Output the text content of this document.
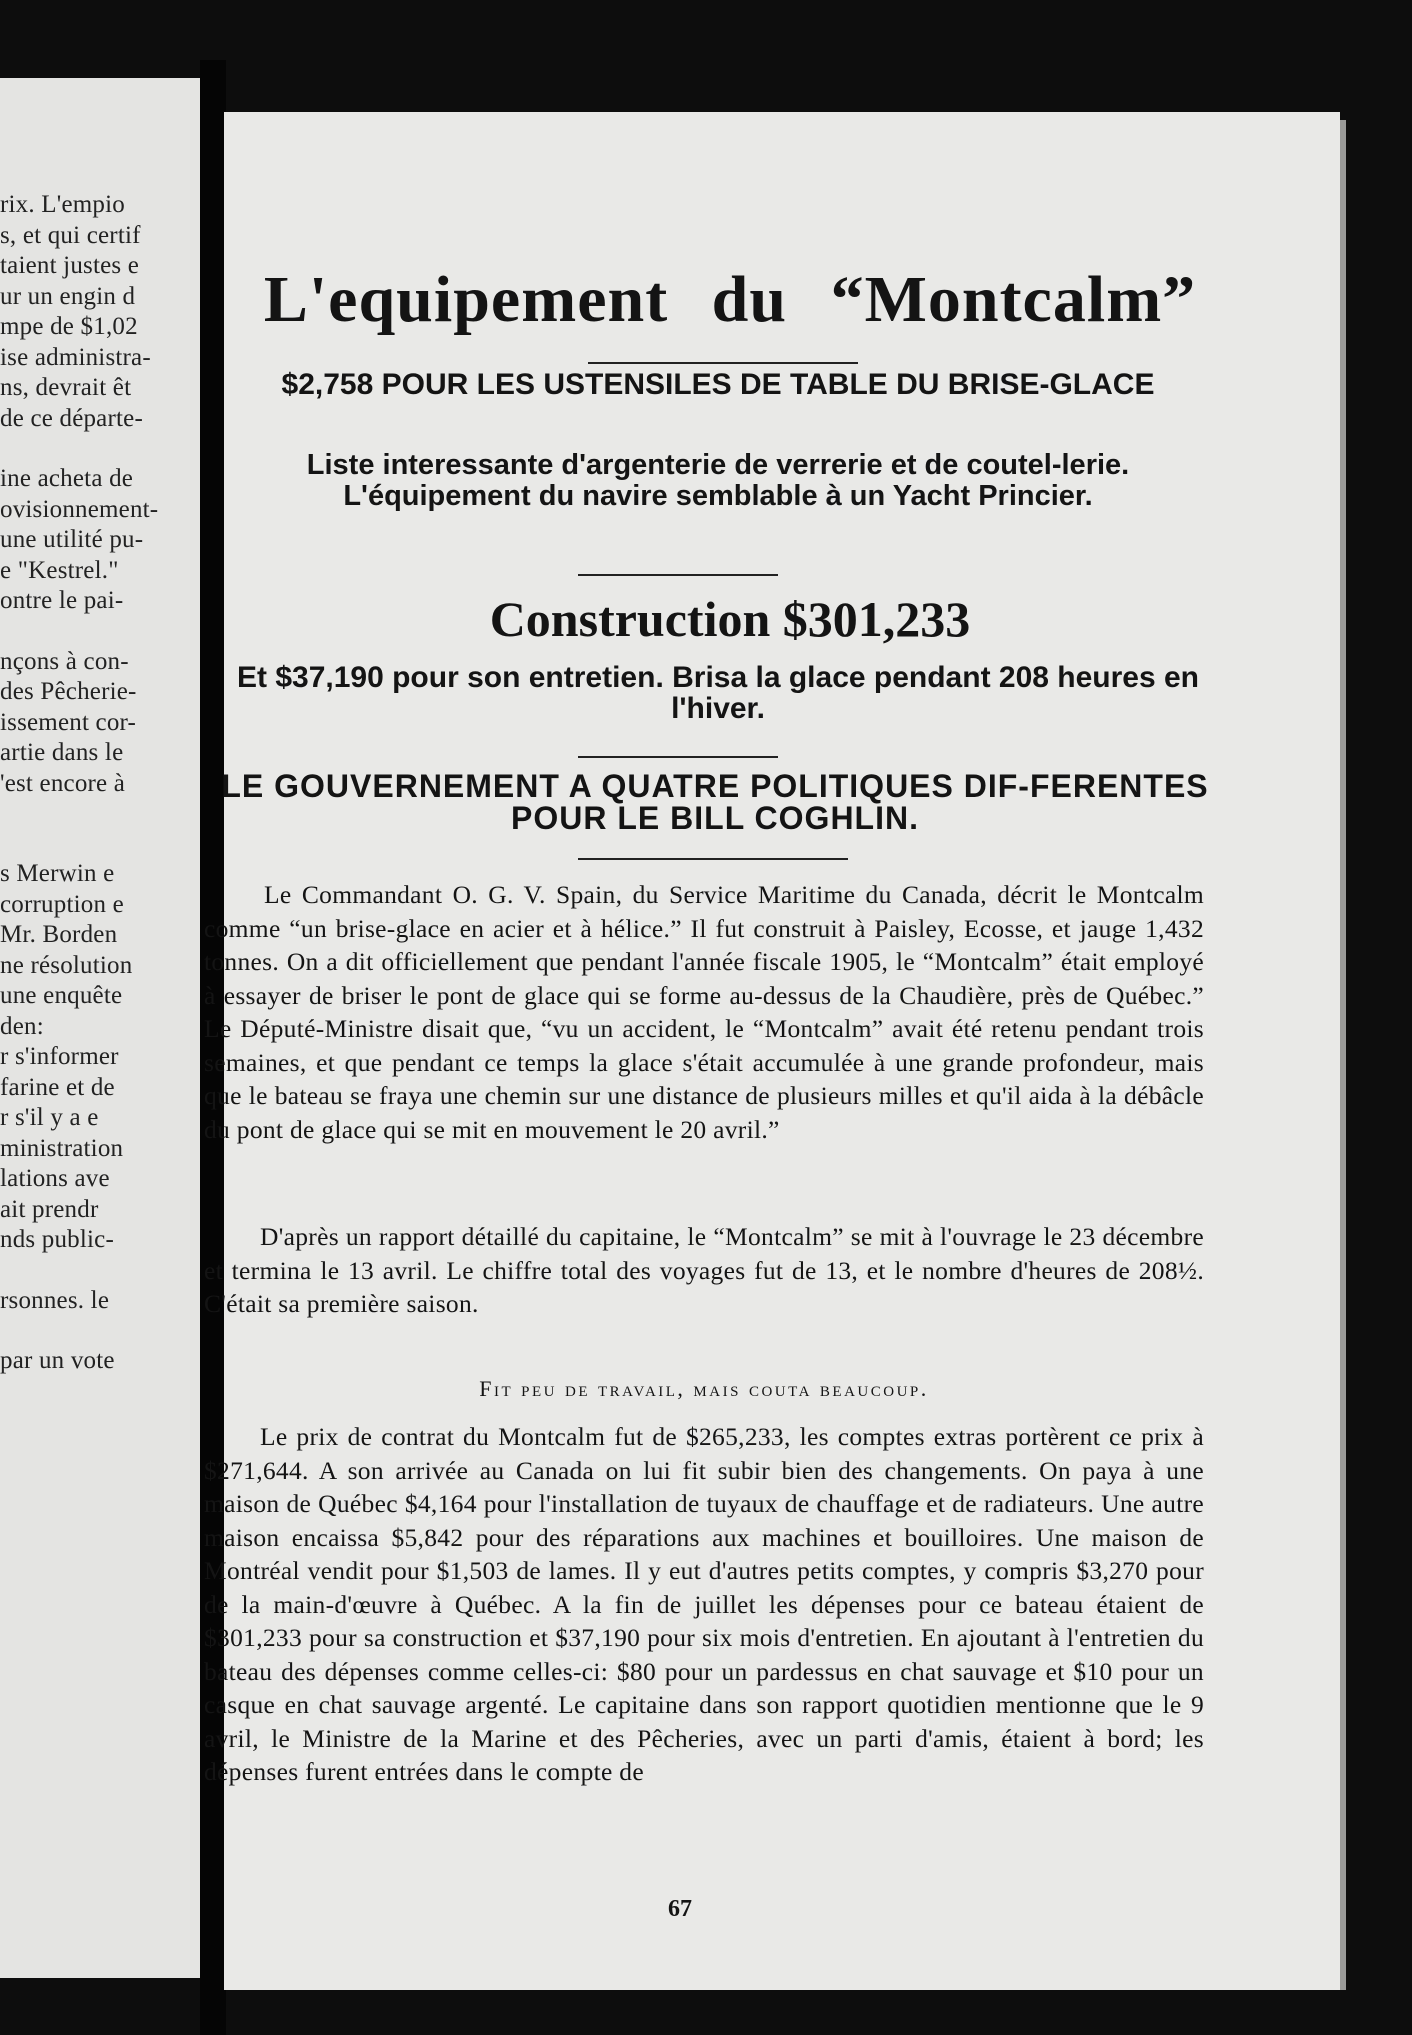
rix. L'empio
s, et qui certif
taient justes e
ur un engin d
mpe de $1,02
ise administra-
ns, devrait êt
de ce départe-
ine acheta de
ovisionnement-
une utilité pu-
e "Kestrel."
ontre le pai-
nçons à con-
des Pêcherie-
issement cor-
artie dans le
'est encore à
s Merwin e
corruption e
Mr. Borden
ne résolution
une enquête
den:
r s'informer
farine et de
r s'il y a e
ministration
lations ave
ait prendr
nds public-
rsonnes. le
par un vote
L'equipement du “Montcalm”
$2,758 POUR LES USTENSILES DE TABLE DU BRISE-GLACE
Liste interessante d'argenterie de verrerie et de coutel-lerie. L'équipement du navire semblable à un Yacht Princier.
Construction $301,233
Et $37,190 pour son entretien. Brisa la glace pendant 208 heures en l'hiver.
LE GOUVERNEMENT A QUATRE POLITIQUES DIF-FERENTES POUR LE BILL COGHLIN.
Le Commandant O. G. V. Spain, du Service Maritime du Canada, décrit le Montcalm comme “un brise-glace en acier et à hélice.” Il fut construit à Paisley, Ecosse, et jauge 1,432 tonnes. On a dit officiellement que pendant l'année fiscale 1905, le “Montcalm” était employé à essayer de briser le pont de glace qui se forme au-dessus de la Chaudière, près de Québec.” Le Député-Ministre disait que, “vu un accident, le “Montcalm” avait été retenu pendant trois semaines, et que pendant ce temps la glace s'était accumulée à une grande profondeur, mais que le bateau se fraya une chemin sur une distance de plusieurs milles et qu'il aida à la débâcle du pont de glace qui se mit en mouvement le 20 avril.”
D'après un rapport détaillé du capitaine, le “Montcalm” se mit à l'ouvrage le 23 décembre et termina le 13 avril. Le chiffre total des voyages fut de 13, et le nombre d'heures de 208½. C'était sa première saison.
Fit peu de travail, mais couta beaucoup.
Le prix de contrat du Montcalm fut de $265,233, les comptes extras portèrent ce prix à $271,644. A son arrivée au Canada on lui fit subir bien des changements. On paya à une maison de Québec $4,164 pour l'installation de tuyaux de chauffage et de radiateurs. Une autre maison encaissa $5,842 pour des réparations aux machines et bouilloires. Une maison de Montréal vendit pour $1,503 de lames. Il y eut d'autres petits comptes, y compris $3,270 pour de la main-d'œuvre à Québec. A la fin de juillet les dépenses pour ce bateau étaient de $301,233 pour sa construction et $37,190 pour six mois d'entretien. En ajoutant à l'entretien du bateau des dépenses comme celles-ci: $80 pour un pardessus en chat sauvage et $10 pour un casque en chat sauvage argenté. Le capitaine dans son rapport quotidien mentionne que le 9 avril, le Ministre de la Marine et des Pêcheries, avec un parti d'amis, étaient à bord; les dépenses furent entrées dans le compte de
67
